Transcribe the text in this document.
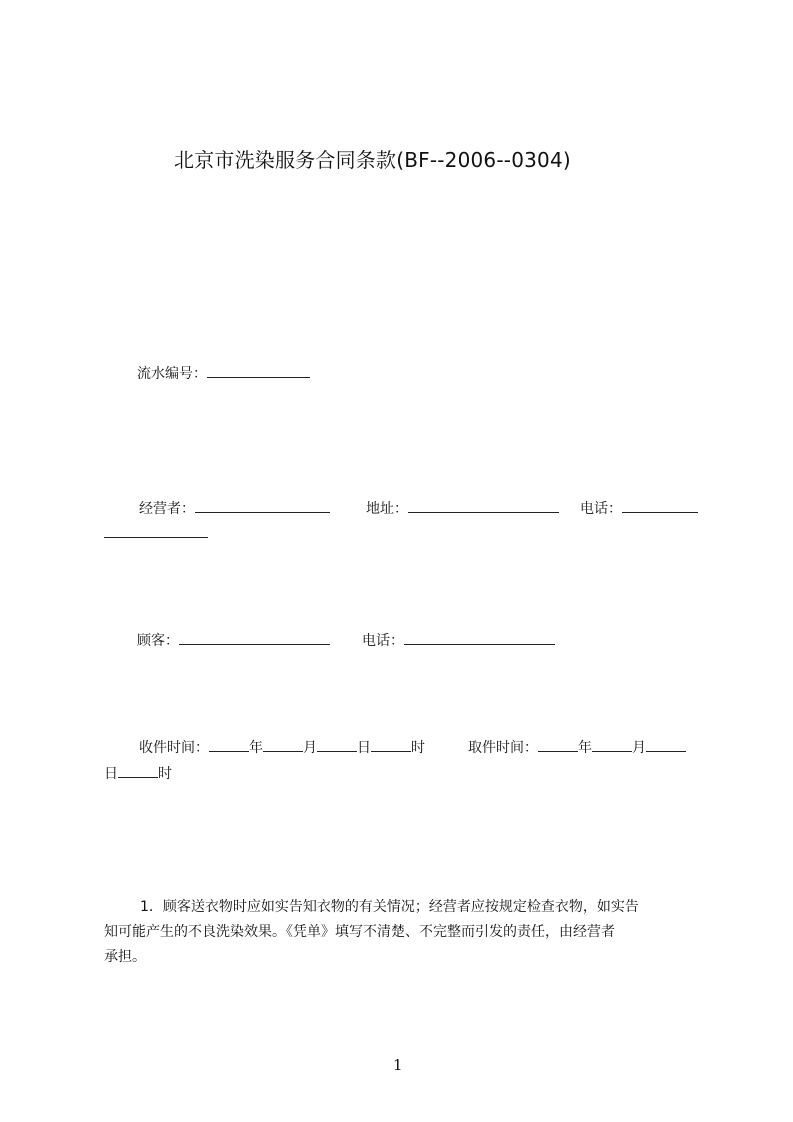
北京市洗染服务合同条款(BF--2006--0304)
流水编号：
经营者：	地址：	电话：
顾客：	电话：
收件时间：	年	月	日	时	取件时间：	年	月
日	时
1．顾客送衣物时应如实告知衣物的有关情况；经营者应按规定检查衣物，如实告
知可能产生的不良洗染效果。《凭单》填写不清楚、不完整而引发的责任，由经营者
承担。
1
